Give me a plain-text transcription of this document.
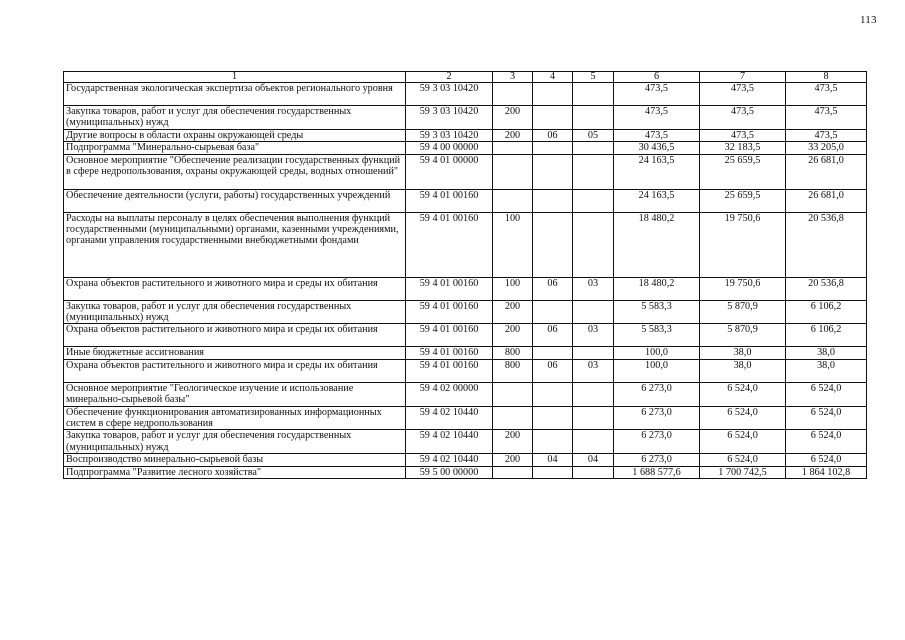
113
1	2	3	4	5	6	7	8
Государственная экологическая экспертиза объектов регионального уровня	59 3 03 10420				473,5	473,5	473,5
Закупка товаров, работ и услуг для обеспечения государственных (муниципальных) нужд	59 3 03 10420	200			473,5	473,5	473,5
Другие вопросы в области охраны окружающей среды	59 3 03 10420	200	06	05	473,5	473,5	473,5
Подпрограмма "Минерально-сырьевая база"	59 4 00 00000				30 436,5	32 183,5	33 205,0
Основное мероприятие "Обеспечение реализации государственных функций в сфере недропользования, охраны окружающей среды, водных отношений"	59 4 01 00000				24 163,5	25 659,5	26 681,0
Обеспечение деятельности (услуги, работы) государственных учреждений	59 4 01 00160				24 163,5	25 659,5	26 681,0
Расходы на выплаты персоналу в целях обеспечения выполнения функций государственными (муниципальными) органами, казенными учреждениями, органами управления государственными внебюджетными фондами	59 4 01 00160	100			18 480,2	19 750,6	20 536,8
Охрана объектов растительного и животного мира и среды их обитания	59 4 01 00160	100	06	03	18 480,2	19 750,6	20 536,8
Закупка товаров, работ и услуг для обеспечения государственных (муниципальных) нужд	59 4 01 00160	200			5 583,3	5 870,9	6 106,2
Охрана объектов растительного и животного мира и среды их обитания	59 4 01 00160	200	06	03	5 583,3	5 870,9	6 106,2
Иные бюджетные ассигнования	59 4 01 00160	800			100,0	38,0	38,0
Охрана объектов растительного и животного мира и среды их обитания	59 4 01 00160	800	06	03	100,0	38,0	38,0
Основное мероприятие "Геологическое изучение и использование минерально-сырьевой базы"	59 4 02 00000				6 273,0	6 524,0	6 524,0
Обеспечение функционирования автоматизированных информационных систем в сфере недропользования	59 4 02 10440				6 273,0	6 524,0	6 524,0
Закупка товаров, работ и услуг для обеспечения государственных (муниципальных) нужд	59 4 02 10440	200			6 273,0	6 524,0	6 524,0
Воспроизводство минерально-сырьевой базы	59 4 02 10440	200	04	04	6 273,0	6 524,0	6 524,0
Подпрограмма "Развитие лесного хозяйства"	59 5 00 00000				1 688 577,6	1 700 742,5	1 864 102,8
